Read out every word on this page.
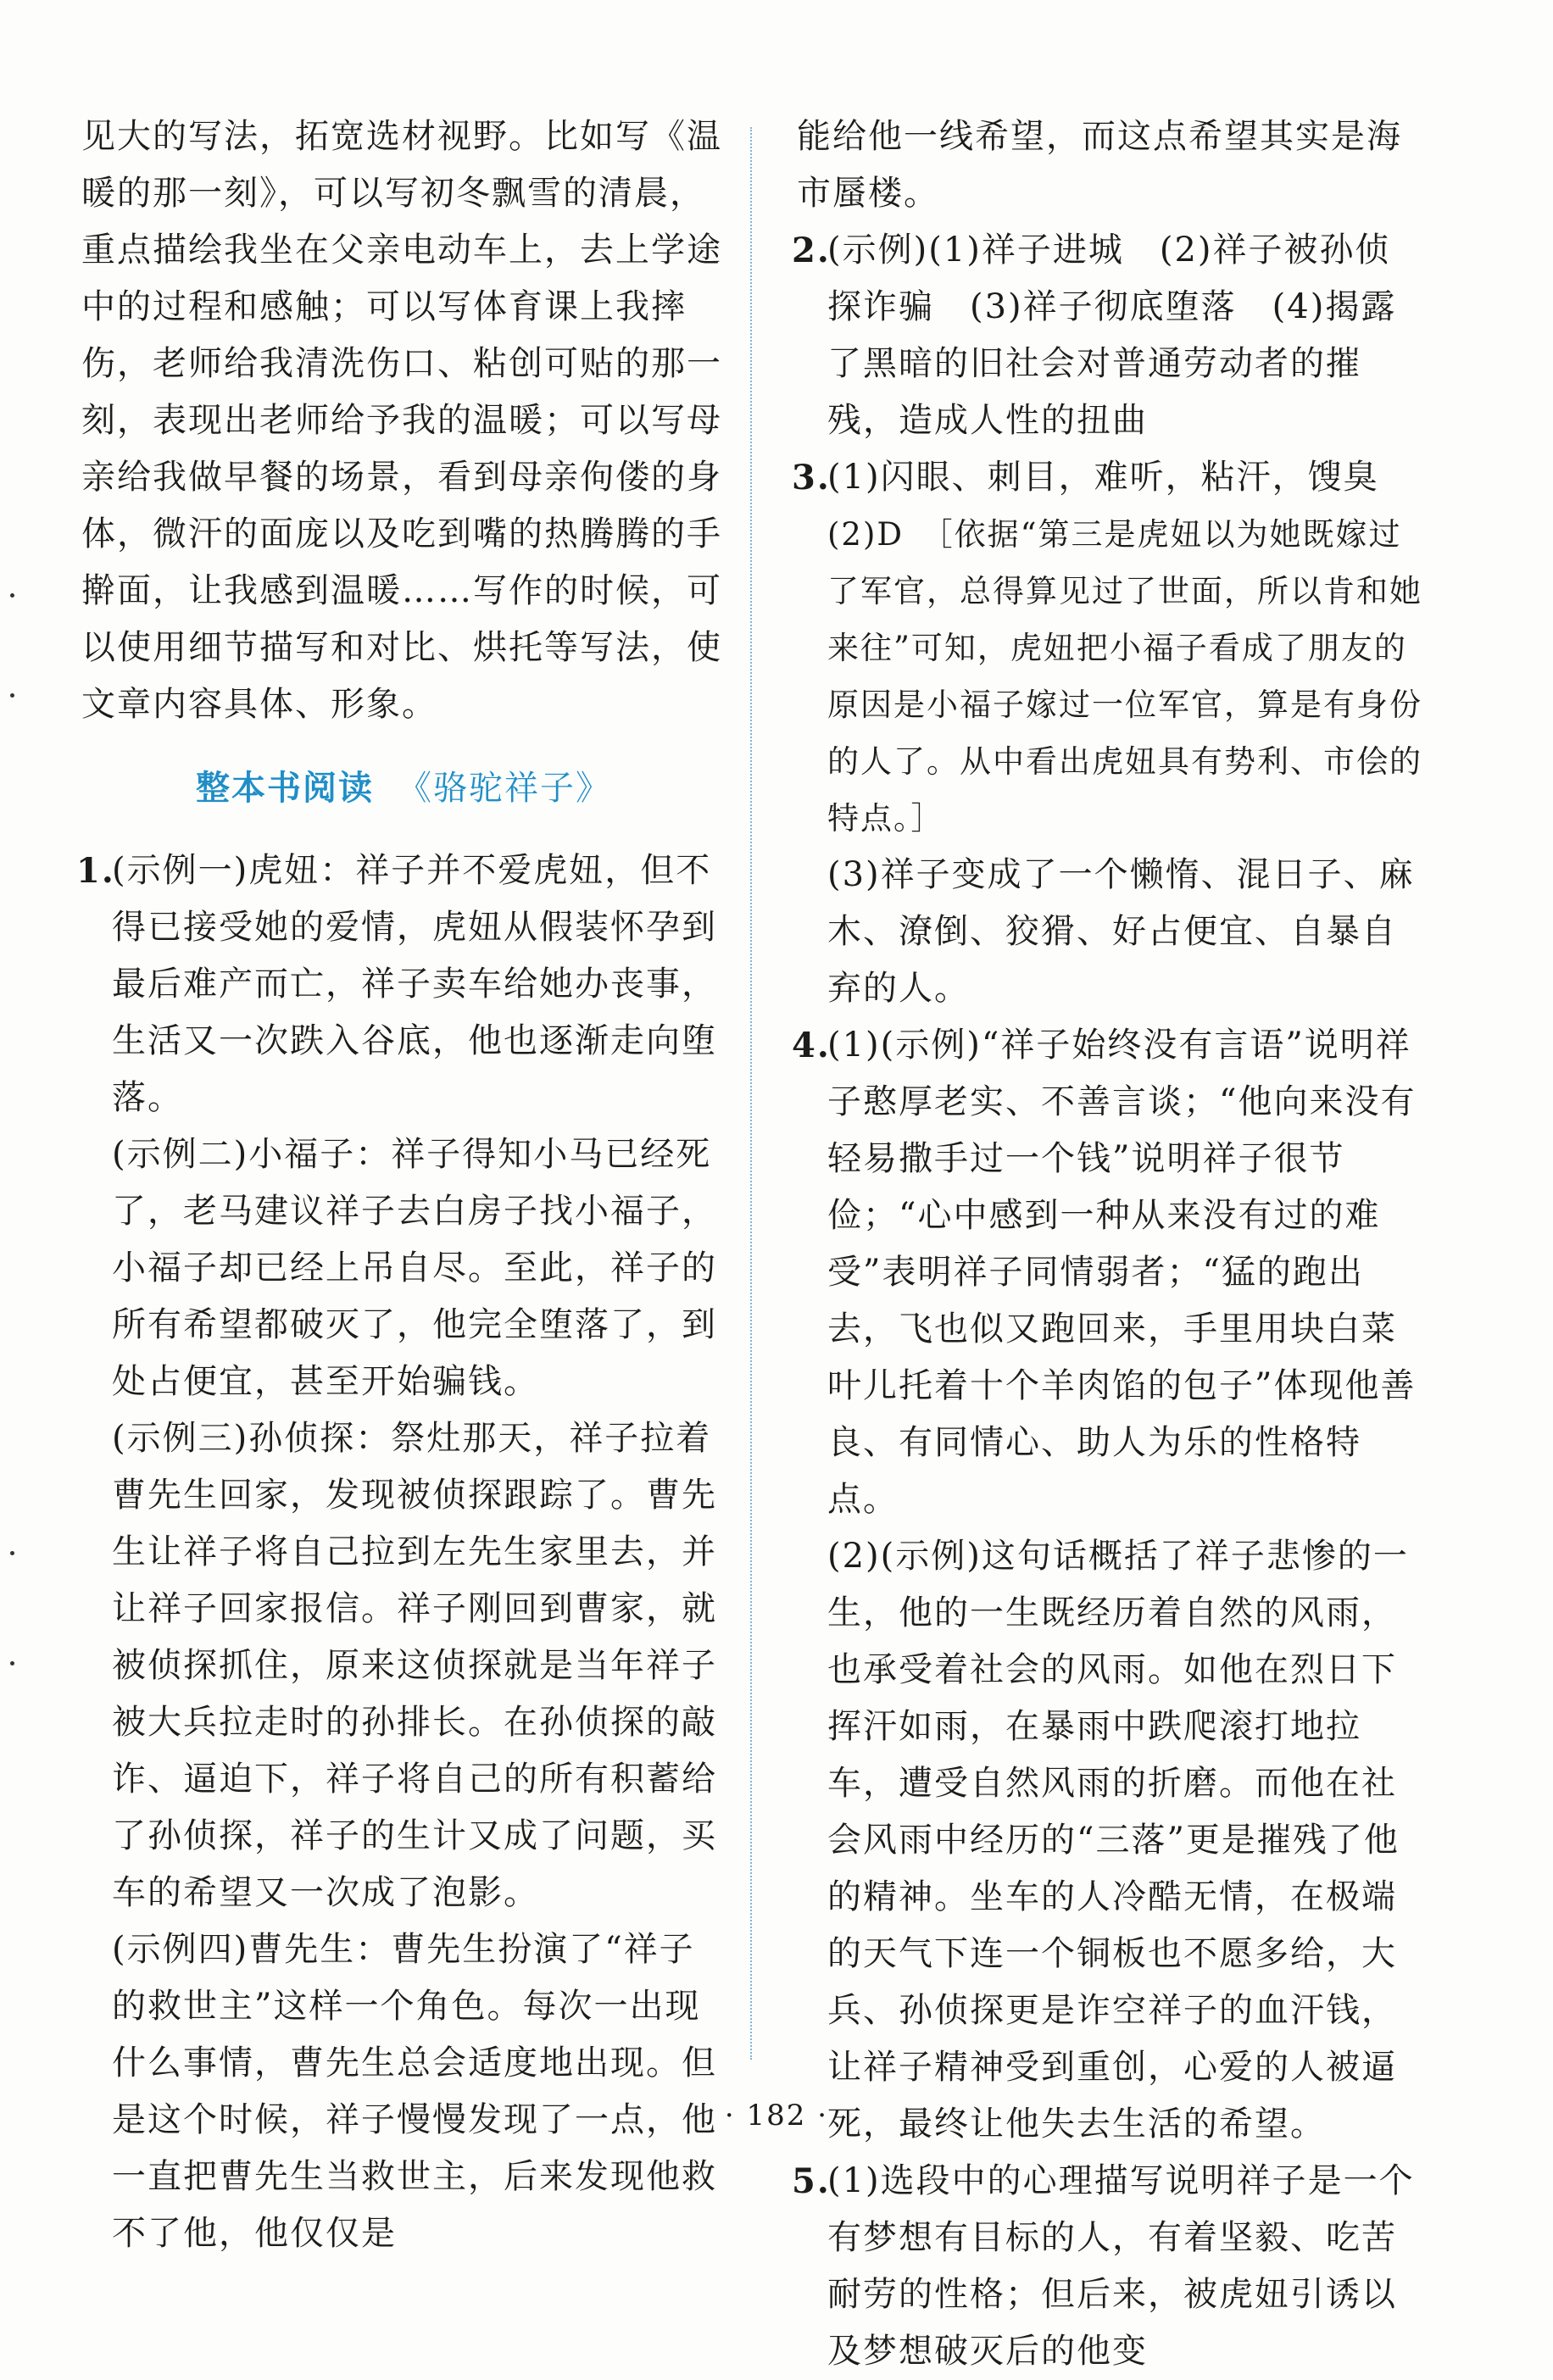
见大的写法，拓宽选材视野。比如写《温暖的那一刻》，可以写初冬飘雪的清晨，重点描绘我坐在父亲电动车上，去上学途中的过程和感触；可以写体育课上我摔伤，老师给我清洗伤口、粘创可贴的那一刻，表现出老师给予我的温暖；可以写母亲给我做早餐的场景，看到母亲佝偻的身体，微汗的面庞以及吃到嘴的热腾腾的手擀面，让我感到温暖……写作的时候，可以使用细节描写和对比、烘托等写法，使文章内容具体、形象。

整本书阅读 《骆驼祥子》
1.

(示例一)虎妞：祥子并不爱虎妞，但不得已接受她的爱情，虎妞从假装怀孕到最后难产而亡，祥子卖车给她办丧事，生活又一次跌入谷底，他也逐渐走向堕落。

(示例二)小福子：祥子得知小马已经死了，老马建议祥子去白房子找小福子，小福子却已经上吊自尽。至此，祥子的所有希望都破灭了，他完全堕落了，到处占便宜，甚至开始骗钱。

(示例三)孙侦探：祭灶那天，祥子拉着曹先生回家，发现被侦探跟踪了。曹先生让祥子将自己拉到左先生家里去，并让祥子回家报信。祥子刚回到曹家，就被侦探抓住，原来这侦探就是当年祥子被大兵拉走时的孙排长。在孙侦探的敲诈、逼迫下，祥子将自己的所有积蓄给了孙侦探，祥子的生计又成了问题，买车的希望又一次成了泡影。

(示例四)曹先生：曹先生扮演了“祥子的救世主”这样一个角色。每次一出现什么事情，曹先生总会适度地出现。但是这个时候，祥子慢慢发现了一点，他一直把曹先生当救世主，后来发现他救不了他，他仅仅是

能给他一线希望，而这点希望其实是海市蜃楼。

2.

(示例)(1)祥子进城　(2)祥子被孙侦探诈骗　(3)祥子彻底堕落　(4)揭露了黑暗的旧社会对普通劳动者的摧残，造成人性的扭曲

3.

(1)闪眼、刺目，难听，粘汗，馊臭

(2)D　 ［依据“第三是虎妞以为她既嫁过了军官，总得算见过了世面，所以肯和她来往”可知，虎妞把小福子看成了朋友的原因是小福子嫁过一位军官，算是有身份的人了。从中看出虎妞具有势利、市侩的特点。］

(3)祥子变成了一个懒惰、混日子、麻木、潦倒、狡猾、好占便宜、自暴自弃的人。

4.

(1)(示例)“祥子始终没有言语”说明祥子憨厚老实、不善言谈；“他向来没有轻易撒手过一个钱”说明祥子很节俭；“心中感到一种从来没有过的难受”表明祥子同情弱者；“猛的跑出去，飞也似又跑回来，手里用块白菜叶儿托着十个羊肉馅的包子”体现他善良、有同情心、助人为乐的性格特点。

(2)(示例)这句话概括了祥子悲惨的一生，他的一生既经历着自然的风雨，也承受着社会的风雨。如他在烈日下挥汗如雨，在暴雨中跌爬滚打地拉车，遭受自然风雨的折磨。而他在社会风雨中经历的“三落”更是摧残了他的精神。坐车的人冷酷无情，在极端的天气下连一个铜板也不愿多给，大兵、孙侦探更是诈空祥子的血汗钱，让祥子精神受到重创，心爱的人被逼死，最终让他失去生活的希望。

5.

(1)选段中的心理描写说明祥子是一个有梦想有目标的人，有着坚毅、吃苦耐劳的性格；但后来，被虎妞引诱以及梦想破灭后的他变

· 182 ·
